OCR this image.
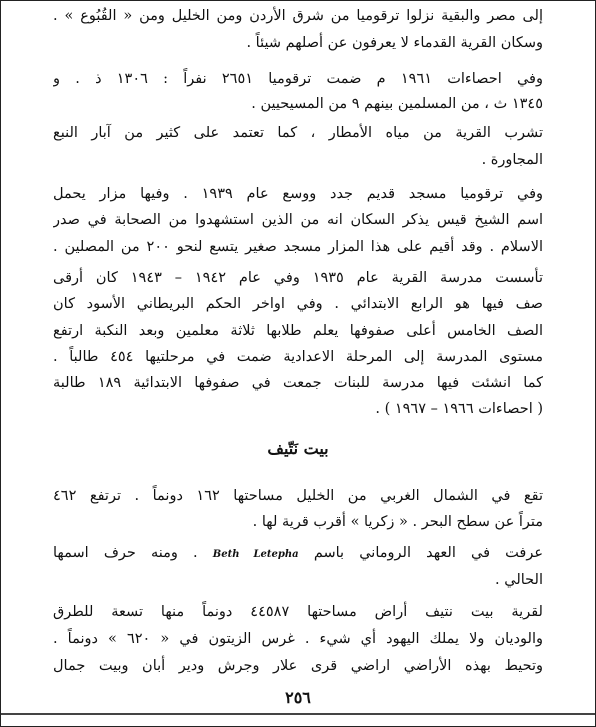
إلى مصر والبقية نزلوا ترقوميا من شرق الأردن ومن الخليل ومن « القُبُوع » .
وسكان القرية القدماء لا يعرفون عن أصلهم شيئاً .
وفي احصاءات ١٩٦١ م ضمت ترقوميا ٢٦٥١ نفراً : ١٣٠٦ ذ . و
١٣٤٥ ث ، من المسلمين بينهم ٩ من المسيحيين .
تشرب القرية من مياه الأمطار ، كما تعتمد على كثير من آبار النبع
المجاورة .
وفي ترقوميا مسجد قديم جدد ووسع عام ١٩٣٩ . وفيها مزار يحمل
اسم الشيخ قيس يذكر السكان انه من الذين استشهدوا من الصحابة في صدر
الاسلام . وقد أقيم على هذا المزار مسجد صغير يتسع لنحو ٢٠٠ من المصلين .
تأسست مدرسة القرية عام ١٩٣٥ وفي عام ١٩٤٢ – ١٩٤٣ كان أرقى
صف فيها هو الرابع الابتدائي . وفي اواخر الحكم البريطاني الأسود كان
الصف الخامس أعلى صفوفها يعلم طلابها ثلاثة معلمين وبعد النكبة ارتفع
مستوى المدرسة إلى المرحلة الاعدادية ضمت في مرحلتيها ٤٥٤ طالباً .
كما انشئت فيها مدرسة للبنات جمعت في صفوفها الابتدائية ١٨٩ طالبة
( احصاءات ١٩٦٦ – ١٩٦٧ ) .
بيت نَتّيف
تقع في الشمال الغربي من الخليل مساحتها ١٦٢ دونماً . ترتفع ٤٦٢
متراً عن سطح البحر . « زكريا » أقرب قرية لها .
عرفت في العهد الروماني باسم Beth Letepha . ومنه حرف اسمها
الحالي .
لقرية بيت نتيف أراض مساحتها ٤٤٥٨٧ دونماً منها تسعة للطرق
والوديان ولا يملك اليهود أي شيء . غرس الزيتون في « ٦٢٠ » دونماً .
وتحيط بهذه الأراضي اراضي قرى علار وجرش ودير أبان وبيت جمال
٢٥٦
